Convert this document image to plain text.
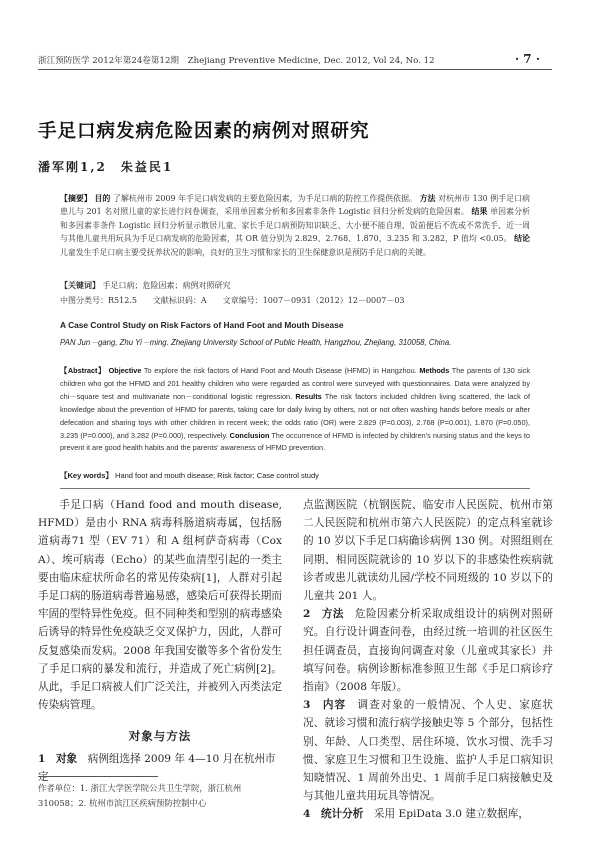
浙江预防医学 2012年第24卷第12期　Zhejiang Preventive Medicine, Dec. 2012, Vol 24, No. 12	· 7 ·
手足口病发病危险因素的病例对照研究
潘军刚1,2　朱益民1
【摘要】 目的 了解杭州市 2009 年手足口病发病的主要危险因素，为手足口病的防控工作提供依据。 方法 对杭州市 130 例手足口病患儿与 201 名对照儿童的家长进行问卷调查，采用单因素分析和多因素非条件 Logistic 回归分析发病的危险因素。 结果 单因素分析和多因素非条件 Logistic 回归分析显示散居儿童、家长手足口病预防知识缺乏、大小便不能自理、饭前便后不洗或不常洗手、近一周与其他儿童共用玩具为手足口病发病的危险因素，其 OR 值分别为 2.829、2.768、1.870、3.235 和 3.282，P 值均 <0.05。 结论 儿童发生手足口病主要受抚养状况的影响，良好的卫生习惯和家长的卫生保健意识是预防手足口病的关键。
【关键词】 手足口病；危险因素；病例对照研究
中图分类号：R512.5　　文献标识码：A　　文章编号：1007－0931（2012）12－0007－03
A Case Control Study on Risk Factors of Hand Foot and Mouth Disease
PAN Jun－gang, Zhu Yi－ming. Zhejiang University School of Public Health, Hangzhou, Zhejiang, 310058, China.
【Abstract】 Objective To explore the risk factors of Hand Foot and Mouth Disease (HFMD) in Hangzhou. Methods The parents of 130 sick children who got the HFMD and 201 healthy children who were regarded as control were surveyed with questionnaires. Data were analyzed by chi－square test and multivariate non－conditional logistic regression. Results The risk factors included children living scattered, the lack of knowledge about the prevention of HFMD for parents, taking care for daily living by others, not or not often washing hands before meals or after defecation and sharing toys with other children in recent week; the odds ratio (OR) were 2.829 (P=0.003), 2.768 (P=0.001), 1.870 (P=0.050), 3.235 (P=0.000), and 3.282 (P=0.000), respectively. Conclusion The occurrence of HFMD is infected by children's nursing status and the keys to prevent it are good health habits and the parents' awareness of HFMD prevention.
【Key words】 Hand foot and mouth disease; Risk factor; Case control study

手足口病（Hand food and mouth disease, HFMD）是由小 RNA 病毒科肠道病毒属，包括肠道病毒71 型（EV 71）和 A 组柯萨奇病毒（Cox A）、埃可病毒（Echo）的某些血清型引起的一类主要由临床症状所命名的常见传染病[1]，人群对引起手足口病的肠道病毒普遍易感，感染后可获得长期而牢固的型特异性免疫。但不同种类和型别的病毒感染后诱导的特异性免疫缺乏交叉保护力，因此，人群可反复感染而发病。2008 年我国安徽等多个省份发生了手足口病的暴发和流行，并造成了死亡病例[2]。从此，手足口病被人们广泛关注，并被列入丙类法定传染病管理。

对象与方法
1　对象　病例组选择 2009 年 4—10 月在杭州市定
作者单位：1. 浙江大学医学院公共卫生学院，浙江杭州 310058；2. 杭州市滨江区疾病预防控制中心

点监测医院（杭钢医院、临安市人民医院、杭州市第二人民医院和杭州市第六人民医院）的定点科室就诊的 10 岁以下手足口病确诊病例 130 例。对照组则在同期、相同医院就诊的 10 岁以下的非感染性疾病就诊者或患儿就读幼儿园/学校不同班级的 10 岁以下的儿童共 201 人。

2　方法　危险因素分析采取成组设计的病例对照研究。自行设计调查问卷，由经过统一培训的社区医生担任调查员，直接询问调查对象（儿童或其家长）并填写问卷。病例诊断标准参照卫生部《手足口病诊疗指南》（2008 年版）。

3　内容　调查对象的一般情况、个人史、家庭状况、就诊习惯和流行病学接触史等 5 个部分，包括性别、年龄、人口类型、居住环境、饮水习惯、洗手习惯、家庭卫生习惯和卫生设施、监护人手足口病知识知晓情况、1 周前外出史、1 周前手足口病接触史及与其他儿童共用玩具等情况。

4　统计分析　采用 EpiData 3.0 建立数据库，
